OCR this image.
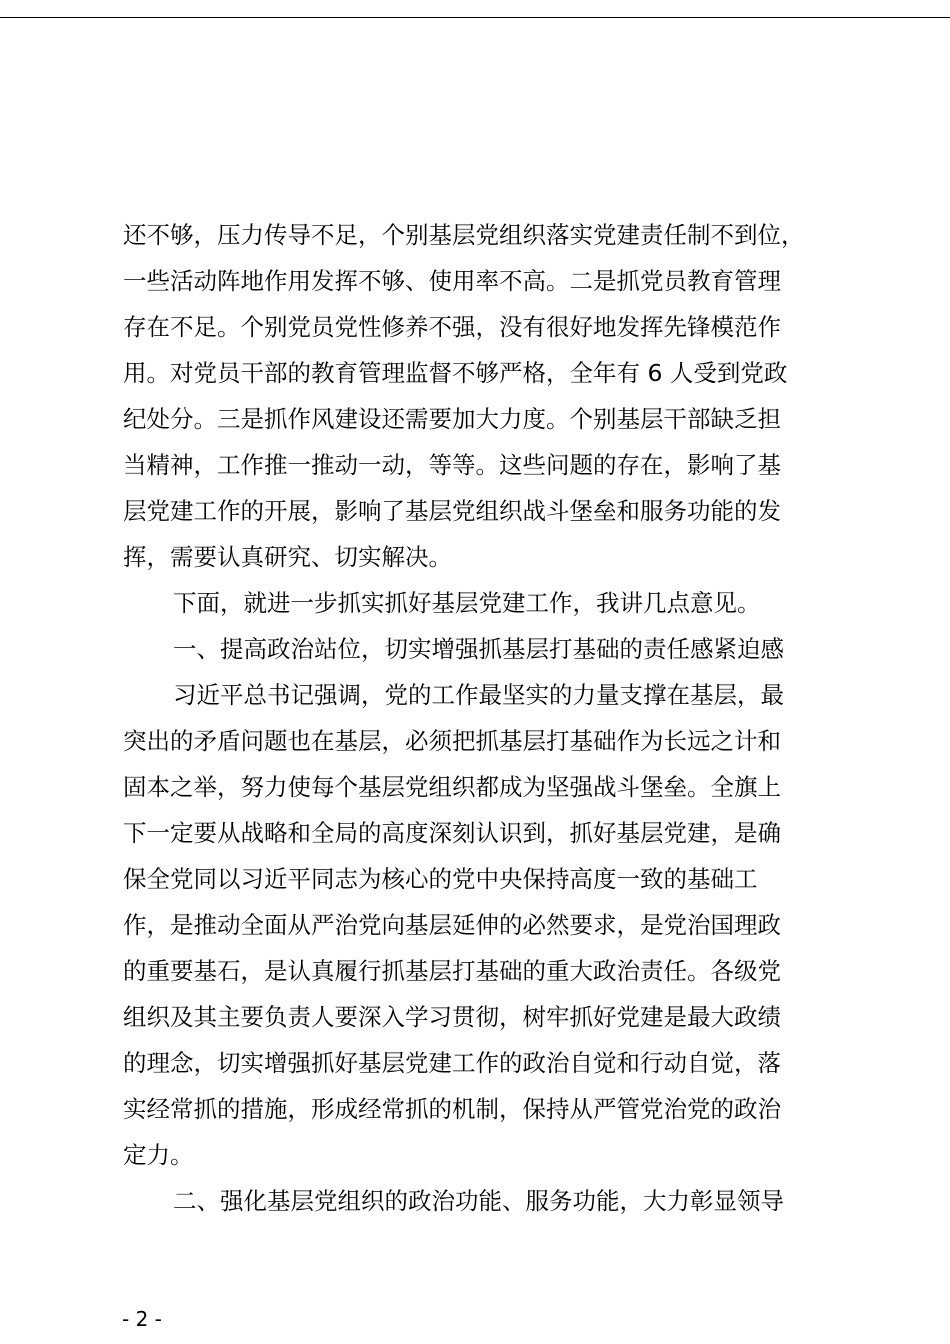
还不够，压力传导不足，个别基层党组织落实党建责任制不到位，
一些活动阵地作用发挥不够、使用率不高。二是抓党员教育管理
存在不足。个别党员党性修养不强，没有很好地发挥先锋模范作
用。对党员干部的教育管理监督不够严格，全年有 6 人受到党政
纪处分。三是抓作风建设还需要加大力度。个别基层干部缺乏担
当精神，工作推一推动一动，等等。这些问题的存在，影响了基
层党建工作的开展，影响了基层党组织战斗堡垒和服务功能的发
挥，需要认真研究、切实解决。
下面，就进一步抓实抓好基层党建工作，我讲几点意见。
一、提高政治站位，切实增强抓基层打基础的责任感紧迫感
习近平总书记强调，党的工作最坚实的力量支撑在基层，最
突出的矛盾问题也在基层，必须把抓基层打基础作为长远之计和
固本之举，努力使每个基层党组织都成为坚强战斗堡垒。全旗上
下一定要从战略和全局的高度深刻认识到，抓好基层党建，是确
保全党同以习近平同志为核心的党中央保持高度一致的基础工
作，是推动全面从严治党向基层延伸的必然要求，是党治国理政
的重要基石，是认真履行抓基层打基础的重大政治责任。各级党
组织及其主要负责人要深入学习贯彻，树牢抓好党建是最大政绩
的理念，切实增强抓好基层党建工作的政治自觉和行动自觉，落
实经常抓的措施，形成经常抓的机制，保持从严管党治党的政治
定力。
二、强化基层党组织的政治功能、服务功能，大力彰显领导
- 2 -
